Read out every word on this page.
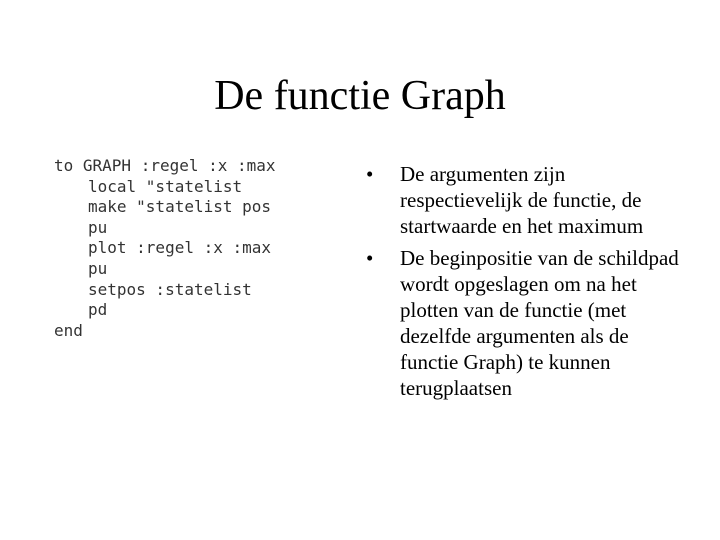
De functie Graph
to GRAPH :regel :x :max
local "statelist
make "statelist pos
pu
plot :regel :x :max
pu
setpos :statelist
pd
end
•	De argumenten zijn respectievelijk de functie, de startwaarde en het maximum
•	De beginpositie van de schildpad wordt opgeslagen om na het plotten van de functie (met dezelfde argumenten als de functie Graph) te kunnen terugplaatsen
